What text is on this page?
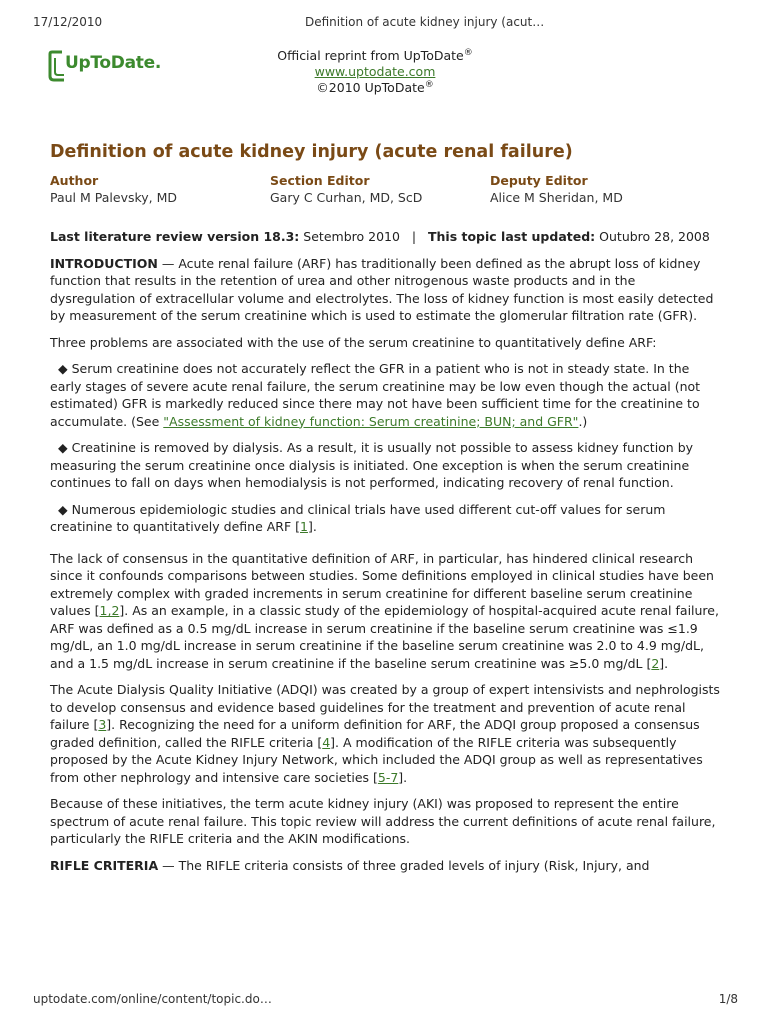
17/12/2010	Definition of acute kidney injury (acut…
UpToDate.	Official reprint from UpToDate®
www.uptodate.com
©2010 UpToDate®
Definition of acute kidney injury (acute renal failure)
Author
Paul M Palevsky, MD
Section Editor
Gary C Curhan, MD, ScD
Deputy Editor
Alice M Sheridan, MD

Last literature review version 18.3: Setembro 2010 | This topic last updated: Outubro 28, 2008

INTRODUCTION — Acute renal failure (ARF) has traditionally been defined as the abrupt loss of kidney function that results in the retention of urea and other nitrogenous waste products and in the dysregulation of extracellular volume and electrolytes. The loss of kidney function is most easily detected by measurement of the serum creatinine which is used to estimate the glomerular filtration rate (GFR).

Three problems are associated with the use of the serum creatinine to quantitatively define ARF:

◆ Serum creatinine does not accurately reflect the GFR in a patient who is not in steady state. In the early stages of severe acute renal failure, the serum creatinine may be low even though the actual (not estimated) GFR is markedly reduced since there may not have been sufficient time for the creatinine to accumulate. (See "Assessment of kidney function: Serum creatinine; BUN; and GFR".)

◆ Creatinine is removed by dialysis. As a result, it is usually not possible to assess kidney function by measuring the serum creatinine once dialysis is initiated. One exception is when the serum creatinine continues to fall on days when hemodialysis is not performed, indicating recovery of renal function.

◆ Numerous epidemiologic studies and clinical trials have used different cut-off values for serum creatinine to quantitatively define ARF [1].

The lack of consensus in the quantitative definition of ARF, in particular, has hindered clinical research since it confounds comparisons between studies. Some definitions employed in clinical studies have been extremely complex with graded increments in serum creatinine for different baseline serum creatinine values [1,2]. As an example, in a classic study of the epidemiology of hospital-acquired acute renal failure, ARF was defined as a 0.5 mg/dL increase in serum creatinine if the baseline serum creatinine was ≤1.9 mg/dL, an 1.0 mg/dL increase in serum creatinine if the baseline serum creatinine was 2.0 to 4.9 mg/dL, and a 1.5 mg/dL increase in serum creatinine if the baseline serum creatinine was ≥5.0 mg/dL [2].

The Acute Dialysis Quality Initiative (ADQI) was created by a group of expert intensivists and nephrologists to develop consensus and evidence based guidelines for the treatment and prevention of acute renal failure [3]. Recognizing the need for a uniform definition for ARF, the ADQI group proposed a consensus graded definition, called the RIFLE criteria [4]. A modification of the RIFLE criteria was subsequently proposed by the Acute Kidney Injury Network, which included the ADQI group as well as representatives from other nephrology and intensive care societies [5-7].

Because of these initiatives, the term acute kidney injury (AKI) was proposed to represent the entire spectrum of acute renal failure. This topic review will address the current definitions of acute renal failure, particularly the RIFLE criteria and the AKIN modifications.

RIFLE CRITERIA — The RIFLE criteria consists of three graded levels of injury (Risk, Injury, and

uptodate.com/online/content/topic.do…	1/8
